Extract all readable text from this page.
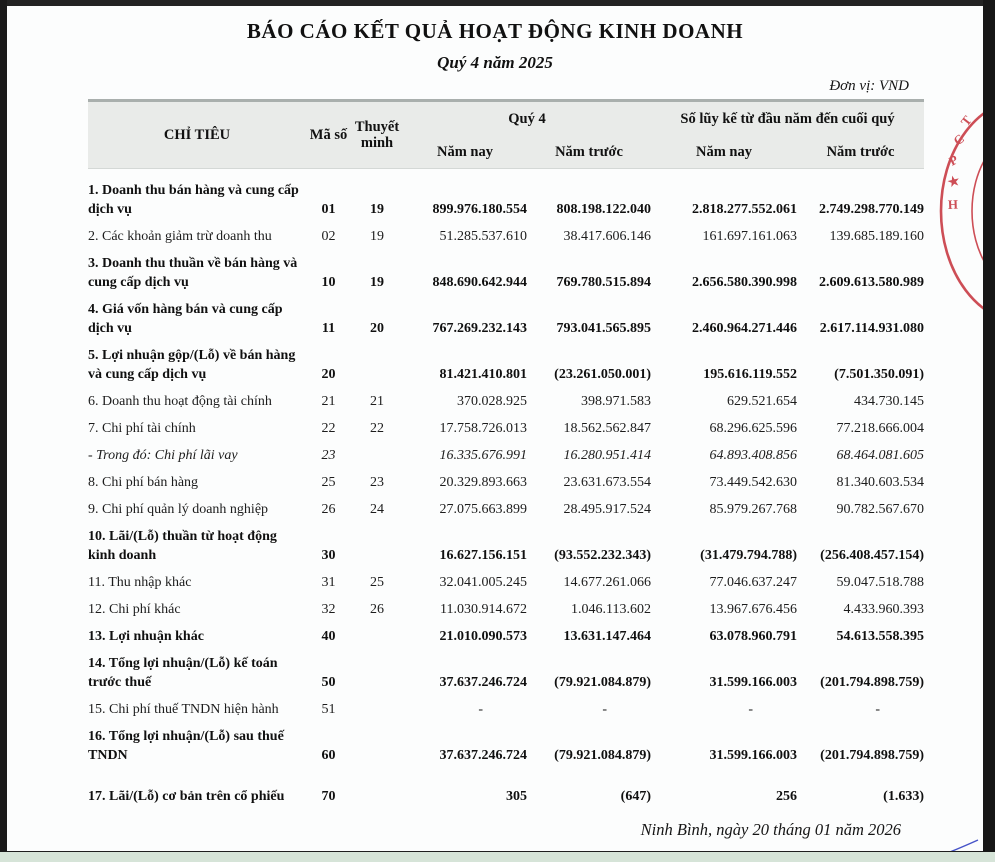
BÁO CÁO KẾT QUẢ HOẠT ĐỘNG KINH DOANH
Quý 4 năm 2025
Đơn vị: VND
CHỈ TIÊU	Mã số	Thuyết minh	Quý 4		Số lũy kế từ đầu năm đến cuối quý	
			Năm nay	Năm trước	Năm nay	Năm trước
1. Doanh thu bán hàng và cung cấp dịch vụ	01	19	899.976.180.554	808.198.122.040	2.818.277.552.061	2.749.298.770.149
2. Các khoản giảm trừ doanh thu	02	19	51.285.537.610	38.417.606.146	161.697.161.063	139.685.189.160
3. Doanh thu thuần về bán hàng và cung cấp dịch vụ	10	19	848.690.642.944	769.780.515.894	2.656.580.390.998	2.609.613.580.989
4. Giá vốn hàng bán và cung cấp dịch vụ	11	20	767.269.232.143	793.041.565.895	2.460.964.271.446	2.617.114.931.080
5. Lợi nhuận gộp/(Lỗ) về bán hàng và cung cấp dịch vụ	20		81.421.410.801	(23.261.050.001)	195.616.119.552	(7.501.350.091)
6. Doanh thu hoạt động tài chính	21	21	370.028.925	398.971.583	629.521.654	434.730.145
7. Chi phí tài chính	22	22	17.758.726.013	18.562.562.847	68.296.625.596	77.218.666.004
- Trong đó: Chi phí lãi vay	23		16.335.676.991	16.280.951.414	64.893.408.856	68.464.081.605
8. Chi phí bán hàng	25	23	20.329.893.663	23.631.673.554	73.449.542.630	81.340.603.534
9. Chi phí quản lý doanh nghiệp	26	24	27.075.663.899	28.495.917.524	85.979.267.768	90.782.567.670
10. Lãi/(Lỗ) thuần từ hoạt động kinh doanh	30		16.627.156.151	(93.552.232.343)	(31.479.794.788)	(256.408.457.154)
11. Thu nhập khác	31	25	32.041.005.245	14.677.261.066	77.046.637.247	59.047.518.788
12. Chi phí khác	32	26	11.030.914.672	1.046.113.602	13.967.676.456	4.433.960.393
13. Lợi nhuận khác	40		21.010.090.573	13.631.147.464	63.078.960.791	54.613.558.395
14. Tổng lợi nhuận/(Lỗ) kế toán trước thuế	50		37.637.246.724	(79.921.084.879)	31.599.166.003	(201.794.898.759)
15. Chi phí thuế TNDN hiện hành	51		-	-	-	-
16. Tổng lợi nhuận/(Lỗ) sau thuế TNDN	60		37.637.246.724	(79.921.084.879)	31.599.166.003	(201.794.898.759)
17. Lãi/(Lỗ) cơ bản trên cổ phiếu	70		305	(647)	256	(1.633)
Ninh Bình, ngày 20 tháng 01 năm 2026
T
C
P
★
H
